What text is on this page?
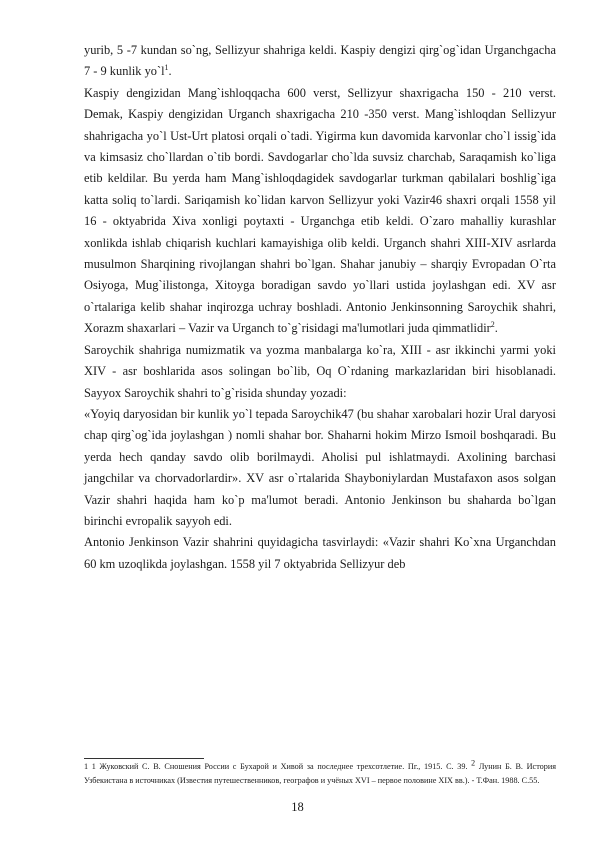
yurib, 5 -7 kundan so`ng, Sellizyur shahriga keldi. Kaspiy dengizi qirg`og`idan Urganchgacha 7 - 9 kunlik $yo`l^1$.

Kaspiy dengizidan Mang`ishloqqacha 600 verst, Sellizyur shaxrigacha 150 - 210 verst. Demak, Kaspiy dengizidan Urganch shaxrigacha 210 -350 verst. Mang`ishloqdan Sellizyur shahrigacha yo`l Ust-Urt platosi orqali o`tadi. Yigirma kun davomida karvonlar cho`l issig`ida va kimsasiz cho`llardan o`tib bordi. Savdogarlar cho`lda suvsiz charchab, Saraqamish ko`liga etib keldilar. Bu yerda ham Mang`ishloqdagidek savdogarlar turkman qabilalari boshlig`iga katta soliq to`lardi. Sariqamish ko`lidan karvon Sellizyur yoki Vazir46 shaxri orqali 1558 yil 16 - oktyabrida Xiva xonligi poytaxti - Urganchga etib keldi. O`zaro mahalliy kurashlar xonlikda ishlab chiqarish kuchlari kamayishiga olib keldi. Urganch shahri XIII-XIV asrlarda musulmon Sharqining rivojlangan shahri bo`lgan. Shahar janubiy – sharqiy Evropadan O`rta Osiyoga, Mug`ilistonga, Xitoyga boradigan savdo yo`llari ustida joylashgan edi. XV asr o`rtalariga kelib shahar inqirozga uchray boshladi. Antonio Jenkinsonning Saroychik shahri, Xorazm shaxarlari – Vazir va Urganch to`g`risidagi ma'lumotlari juda qimmatlidir$^2$.

Saroychik shahriga numizmatik va yozma manbalarga ko`ra, XIII - asr ikkinchi yarmi yoki XIV - asr boshlarida asos solingan bo`lib, Oq O`rdaning markazlaridan biri hisoblanadi. Sayyox Saroychik shahri to`g`risida shunday yozadi:

«Yoyiq daryosidan bir kunlik yo`l tepada Saroychik47 (bu shahar xarobalari hozir Ural daryosi chap qirg`og`ida joylashgan ) nomli shahar bor. Shaharni hokim Mirzo Ismoil boshqaradi. Bu yerda hech qanday savdo olib borilmaydi. Aholisi pul ishlatmaydi. Axolining barchasi jangchilar va chorvadorlardir». XV asr o`rtalarida Shayboniylardan Mustafaxon asos solgan Vazir shahri haqida ham ko`p ma'lumot beradi. Antonio Jenkinson bu shaharda bo`lgan birinchi evropalik sayyoh edi.

Antonio Jenkinson Vazir shahrini quyidagicha tasvirlaydi: «Vazir shahri Ko`xna Urganchdan 60 km uzoqlikda joylashgan. 1558 yil 7 oktyabrida Sellizyur deb

1 1 Жуковский С. В. Сношения России с Бухарой и Хивой за последнее трехсотлетие. Пг., 1915. С. 39. $^2$ Лунин Б. В. История Узбекистана в источниках (Известия путешественников, географов и учёных XVI – первое половине XIX вв.). - Т.Фан. 1988. С.55.

18
